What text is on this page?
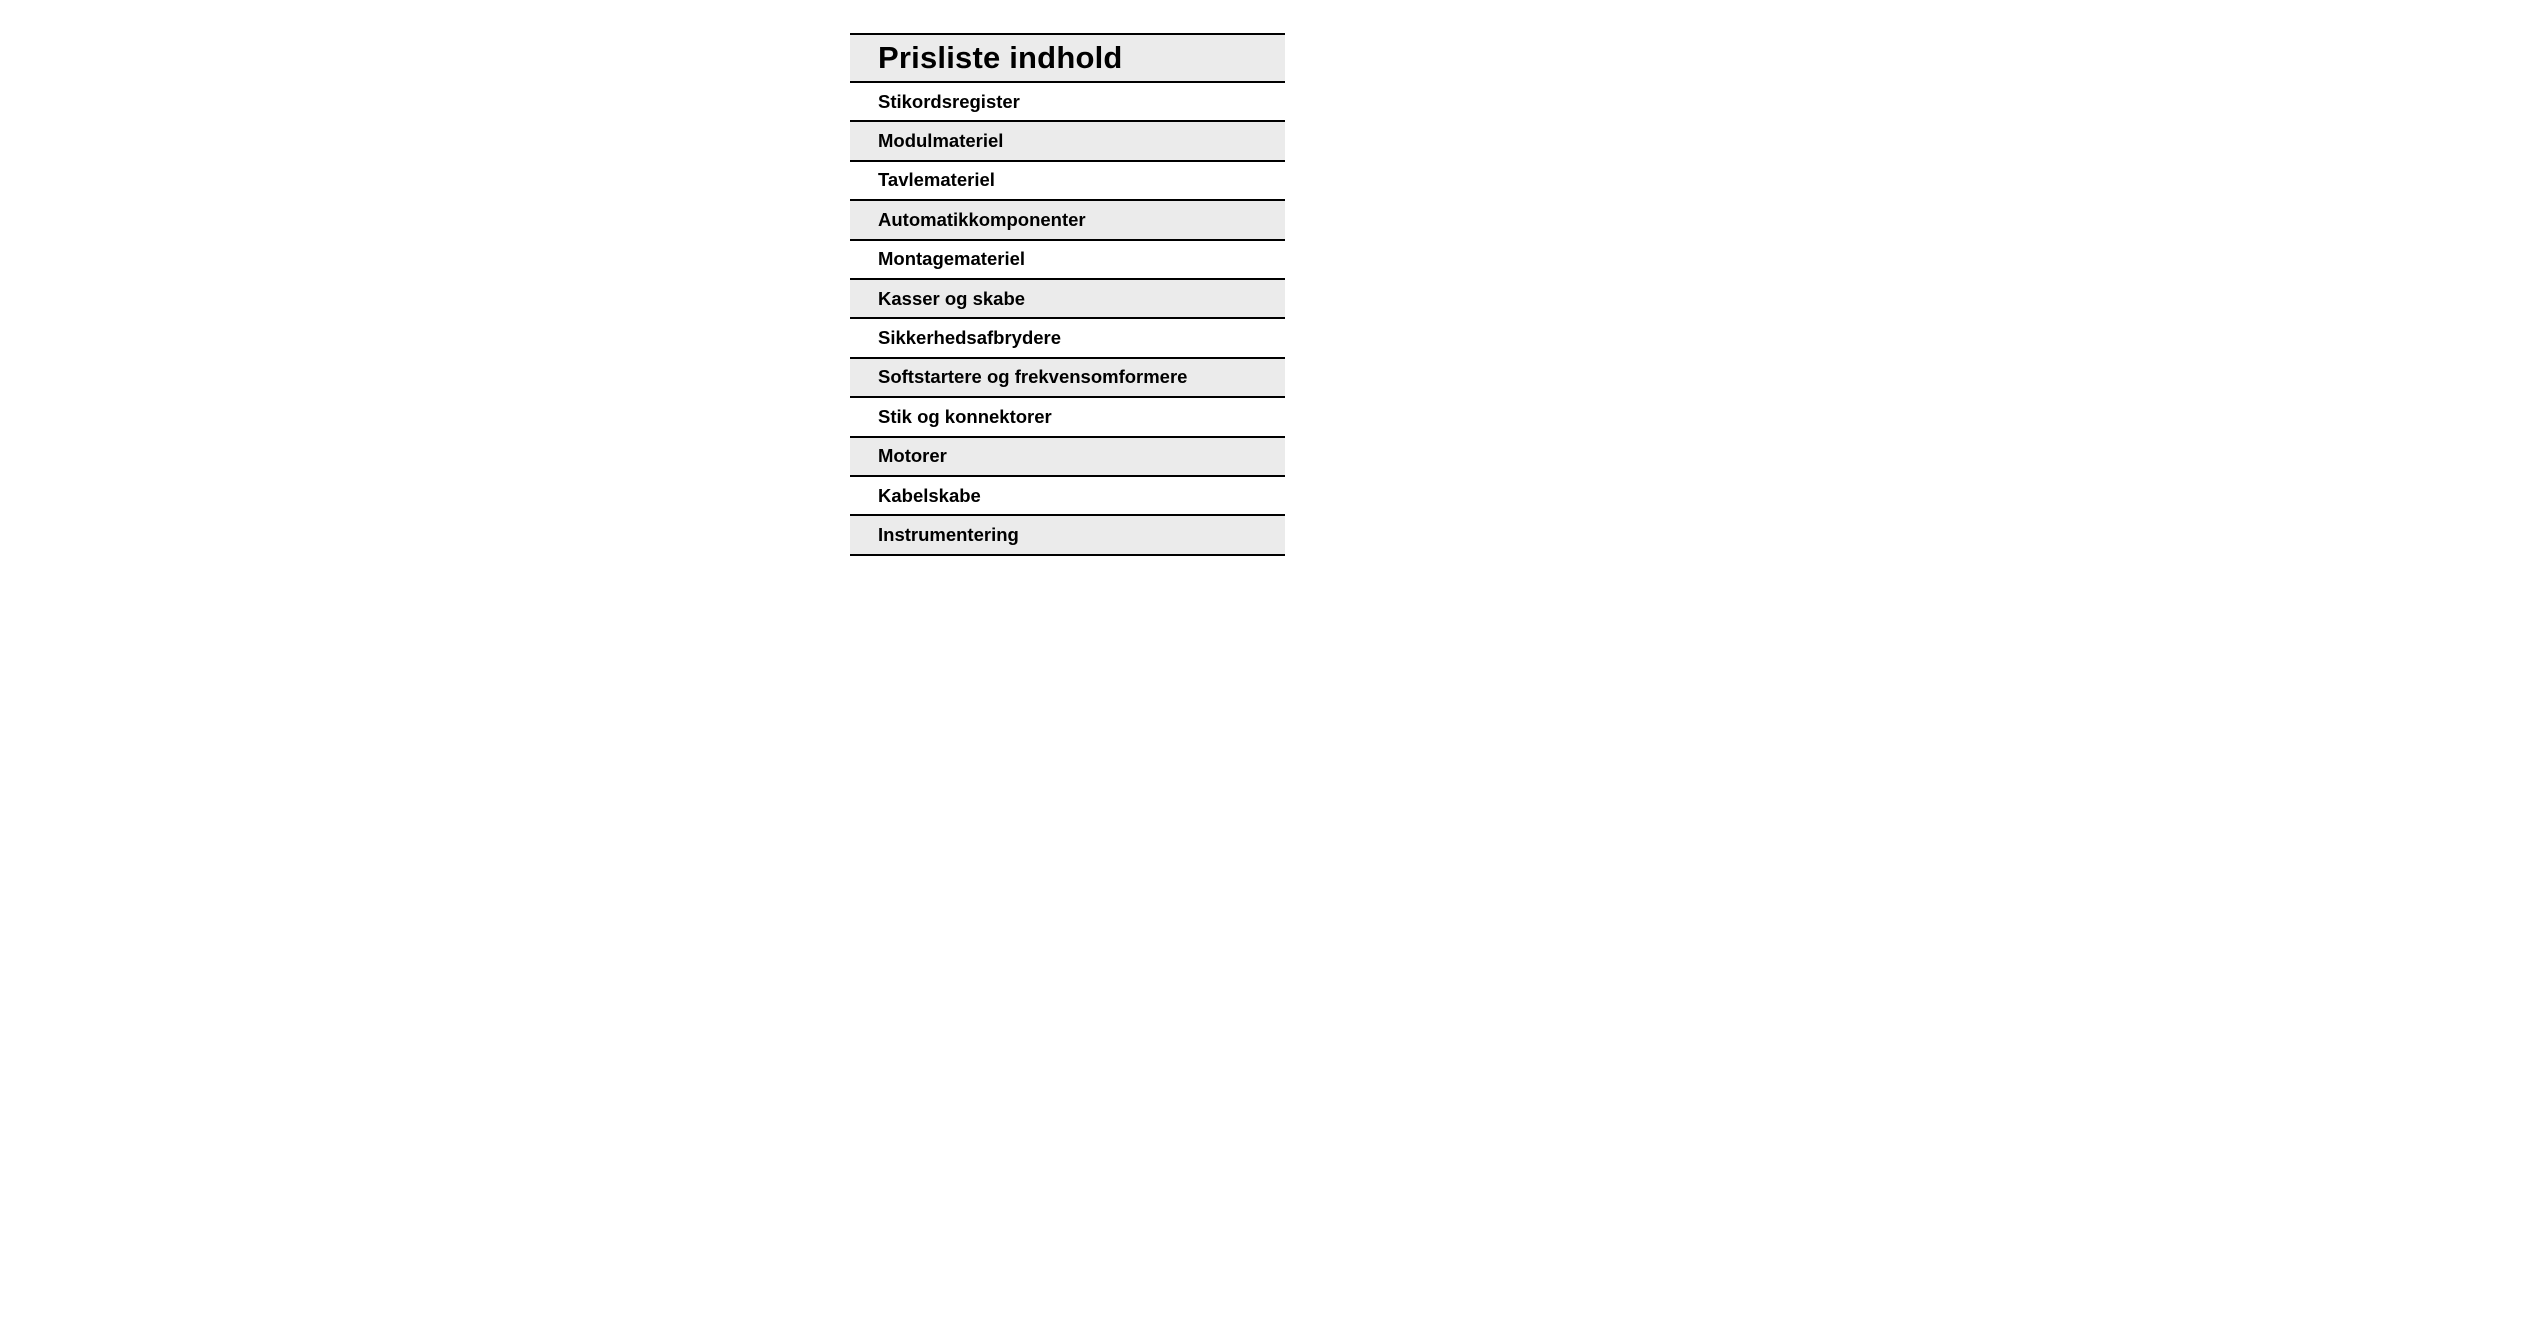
Prisliste indhold
Stikordsregister
Modulmateriel
Tavlemateriel
Automatikkomponenter
Montagemateriel
Kasser og skabe
Sikkerhedsafbrydere
Softstartere og frekvensomformere
Stik og konnektorer
Motorer
Kabelskabe
Instrumentering
